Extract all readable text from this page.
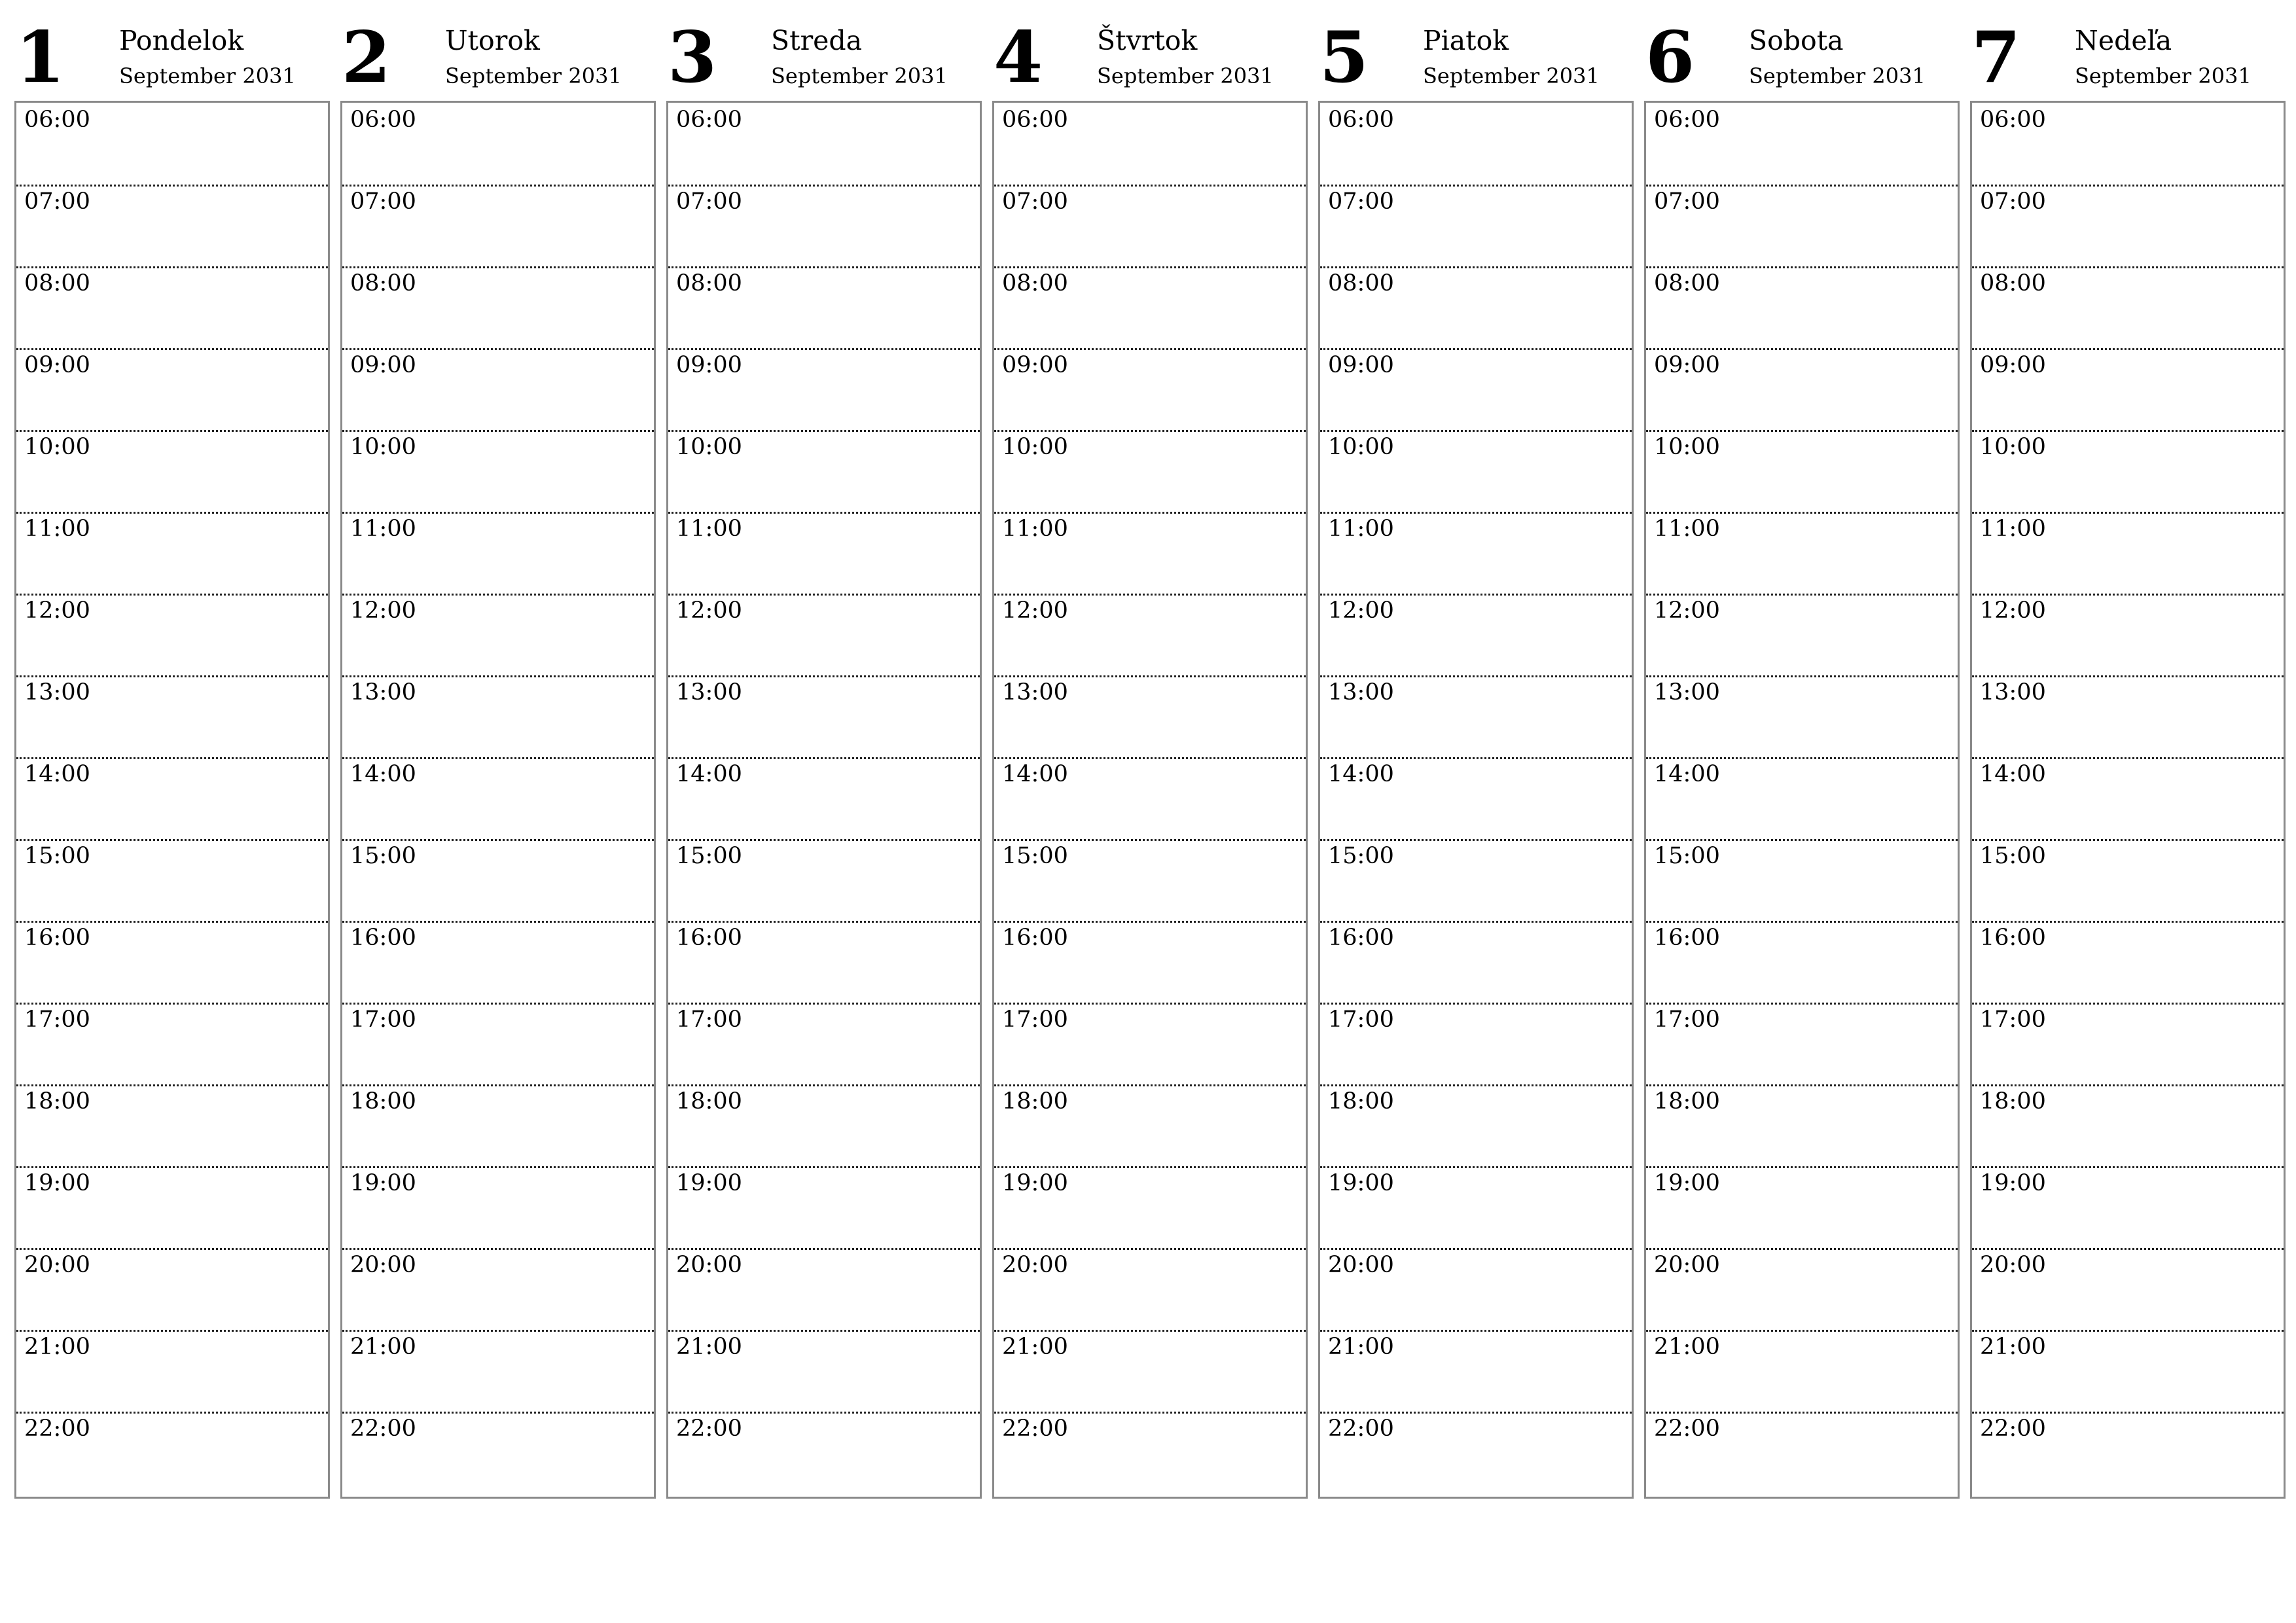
1 Pondelok
September 2031
06:00
07:00
08:00
09:00
10:00
11:00
12:00
13:00
14:00
15:00
16:00
17:00
18:00
19:00
20:00
21:00
22:00
2 Utorok
September 2031
06:00
07:00
08:00
09:00
10:00
11:00
12:00
13:00
14:00
15:00
16:00
17:00
18:00
19:00
20:00
21:00
22:00
3 Streda
September 2031
06:00
07:00
08:00
09:00
10:00
11:00
12:00
13:00
14:00
15:00
16:00
17:00
18:00
19:00
20:00
21:00
22:00
4 Štvrtok
September 2031
06:00
07:00
08:00
09:00
10:00
11:00
12:00
13:00
14:00
15:00
16:00
17:00
18:00
19:00
20:00
21:00
22:00
5 Piatok
September 2031
06:00
07:00
08:00
09:00
10:00
11:00
12:00
13:00
14:00
15:00
16:00
17:00
18:00
19:00
20:00
21:00
22:00
6 Sobota
September 2031
06:00
07:00
08:00
09:00
10:00
11:00
12:00
13:00
14:00
15:00
16:00
17:00
18:00
19:00
20:00
21:00
22:00
7 Nedeľa
September 2031
06:00
07:00
08:00
09:00
10:00
11:00
12:00
13:00
14:00
15:00
16:00
17:00
18:00
19:00
20:00
21:00
22:00
